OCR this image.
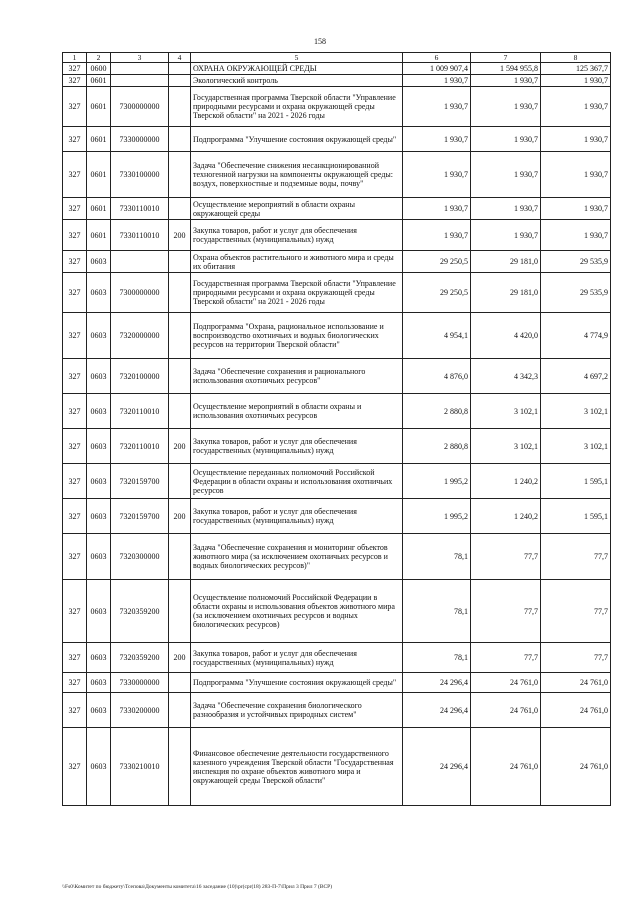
158
1	2	3	4	5	6	7	8
327	0600			ОХРАНА ОКРУЖАЮЩЕЙ СРЕДЫ	1 009 907,4	1 594 955,8	125 367,7
327	0601			Экологический контроль	1 930,7	1 930,7	1 930,7
327	0601	7300000000		Государственная программа Тверской области "Управление природными ресурсами и охрана окружающей среды Тверской области" на 2021 - 2026 годы	1 930,7	1 930,7	1 930,7
327	0601	7330000000		Подпрограмма "Улучшение состояния окружающей среды"	1 930,7	1 930,7	1 930,7
327	0601	7330100000		Задача "Обеспечение снижения несанкционированной техногенной нагрузки на компоненты окружающей среды: воздух, поверхностные и подземные воды, почву"	1 930,7	1 930,7	1 930,7
327	0601	7330110010		Осуществление мероприятий в области охраны окружающей среды	1 930,7	1 930,7	1 930,7
327	0601	7330110010	200	Закупка товаров, работ и услуг для обеспечения государственных (муниципальных) нужд	1 930,7	1 930,7	1 930,7
327	0603			Охрана объектов растительного и животного мира и среды их обитания	29 250,5	29 181,0	29 535,9
327	0603	7300000000		Государственная программа Тверской области "Управление природными ресурсами и охрана окружающей среды Тверской области" на 2021 - 2026 годы	29 250,5	29 181,0	29 535,9
327	0603	7320000000		Подпрограмма "Охрана, рациональное использование и воспроизводство охотничьих и водных биологических ресурсов на территории Тверской области"	4 954,1	4 420,0	4 774,9
327	0603	7320100000		Задача "Обеспечение сохранения и рационального использования охотничьих ресурсов"	4 876,0	4 342,3	4 697,2
327	0603	7320110010		Осуществление мероприятий в области охраны и использования охотничьих ресурсов	2 880,8	3 102,1	3 102,1
327	0603	7320110010	200	Закупка товаров, работ и услуг для обеспечения государственных (муниципальных) нужд	2 880,8	3 102,1	3 102,1
327	0603	7320159700		Осуществление переданных полномочий Российской Федерации в области охраны и использования охотничьих ресурсов	1 995,2	1 240,2	1 595,1
327	0603	7320159700	200	Закупка товаров, работ и услуг для обеспечения государственных (муниципальных) нужд	1 995,2	1 240,2	1 595,1
327	0603	7320300000		Задача "Обеспечение сохранения и мониторинг объектов животного мира (за исключением охотничьих ресурсов и водных биологических ресурсов)"	78,1	77,7	77,7
327	0603	7320359200		Осуществление полномочий Российской Федерации в области охраны и использования объектов животного мира (за исключением охотничьих ресурсов и водных биологических ресурсов)	78,1	77,7	77,7
327	0603	7320359200	200	Закупка товаров, работ и услуг для обеспечения государственных (муниципальных) нужд	78,1	77,7	77,7
327	0603	7330000000		Подпрограмма "Улучшение состояния окружающей среды"	24 296,4	24 761,0	24 761,0
327	0603	7330200000		Задача "Обеспечение сохранения биологического разнообразия и устойчивых природных систем"	24 296,4	24 761,0	24 761,0
327	0603	7330210010		Финансовое обеспечение деятельности государственного казенного учреждения Тверской области "Государственная инспекция по охране объектов животного мира и окружающей среды Тверской области"	24 296,4	24 761,0	24 761,0
\\Fs0\Комитет по бюджету\Тсепова\Документы комитета\16 заседание (10)\pr(cpr(18) 283-П-7\Прил 3 Прил 7 (ВСР)
